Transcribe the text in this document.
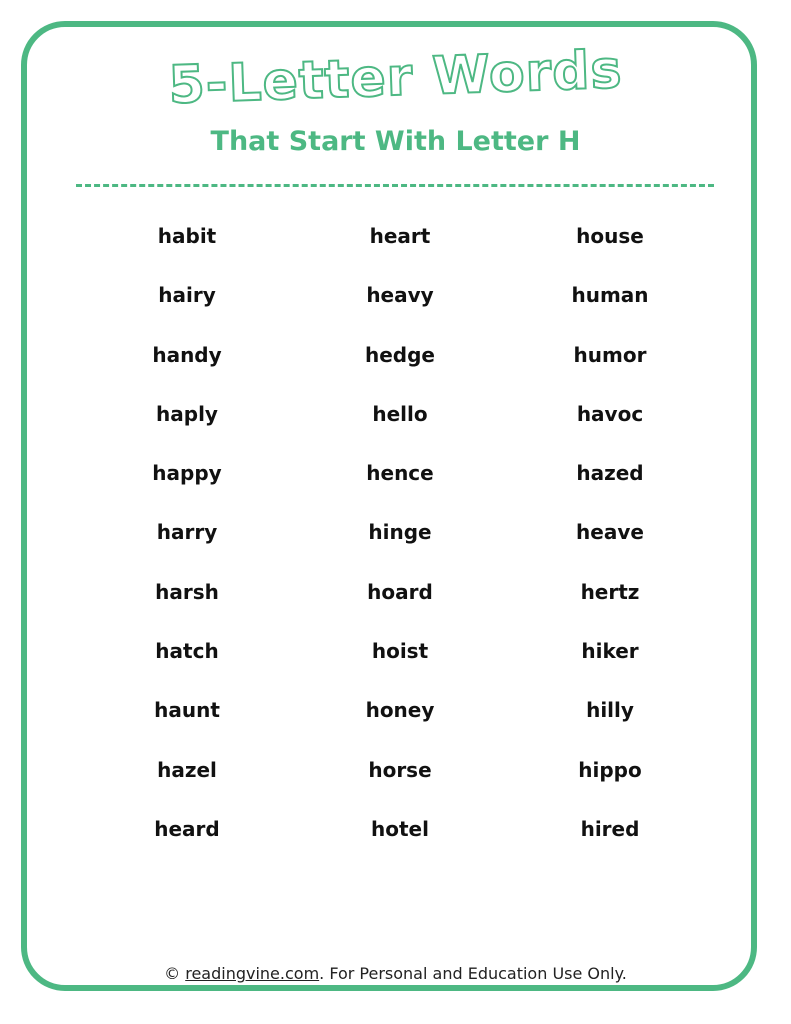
5-Letter Words
That Start With Letter H
habit	heart	house
hairy	heavy	human
handy	hedge	humor
haply	hello	havoc
happy	hence	hazed
harry	hinge	heave
harsh	hoard	hertz
hatch	hoist	hiker
haunt	honey	hilly
hazel	horse	hippo
heard	hotel	hired
© readingvine.com. For Personal and Education Use Only.
